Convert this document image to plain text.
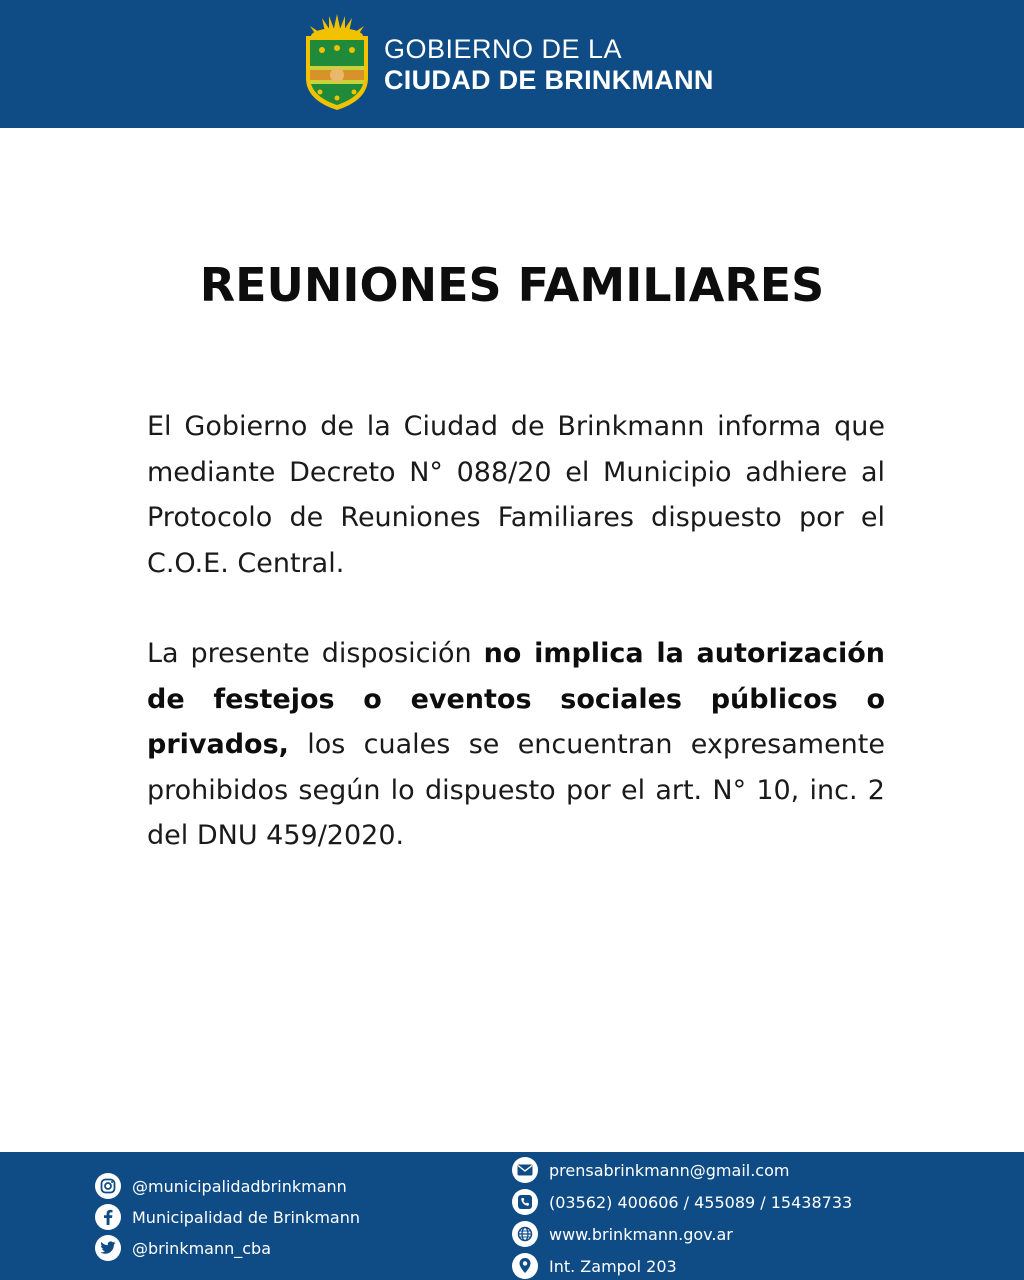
GOBIERNO DE LA
CIUDAD DE BRINKMANN
REUNIONES FAMILIARES
El Gobierno de la Ciudad de Brinkmann informa que mediante Decreto N° 088/20 el Municipio adhiere al Protocolo de Reuniones Familiares dispuesto por el C.O.E. Central.
La presente disposición no implica la autorización de festejos o eventos sociales públicos o privados, los cuales se encuentran expresamente prohibidos según lo dispuesto por el art. N° 10, inc. 2 del DNU 459/2020.
@municipalidadbrinkmann
Municipalidad de Brinkmann
@brinkmann_cba
prensabrinkmann@gmail.com
(03562) 400606 / 455089 / 15438733
www.brinkmann.gov.ar
Int. Zampol 203
